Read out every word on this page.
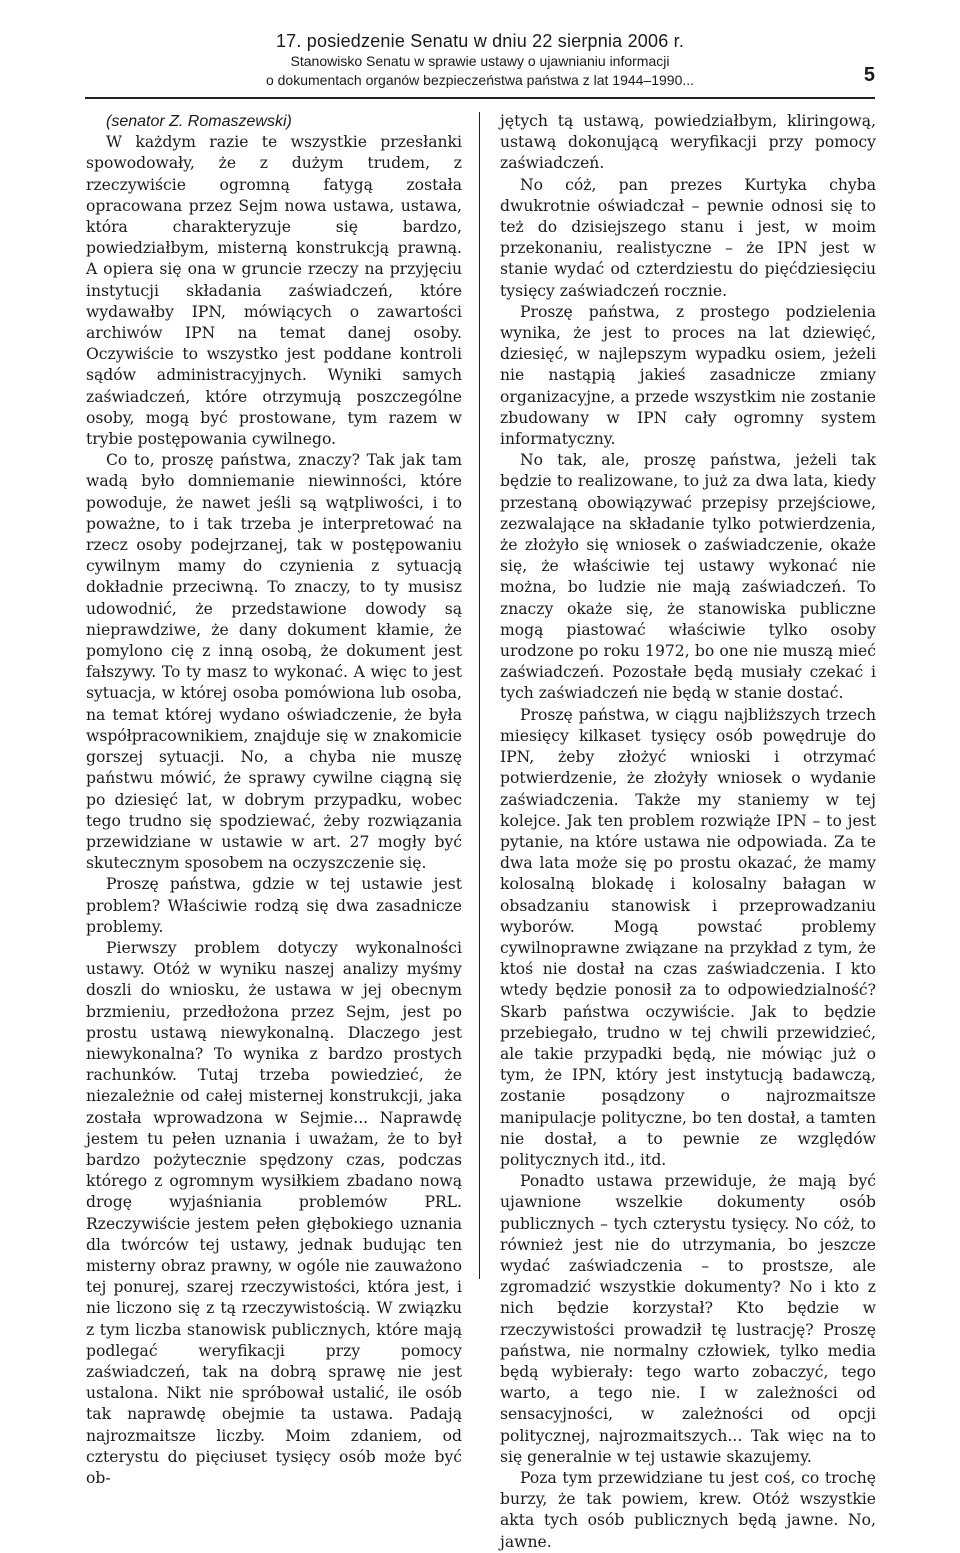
17. posiedzenie Senatu w dniu 22 sierpnia 2006 r.
Stanowisko Senatu w sprawie ustawy o ujawnianiu informacji
o dokumentach organów bezpieczeństwa państwa z lat 1944–1990...	5

(senator Z. Romaszewski)

W każdym razie te wszystkie przesłanki spowodowały, że z dużym trudem, z rzeczywiście ogromną fatygą została opracowana przez Sejm nowa ustawa, ustawa, która charakteryzuje się bardzo, powiedziałbym, misterną konstrukcją prawną. A opiera się ona w gruncie rzeczy na przyjęciu instytucji składania zaświadczeń, które wydawałby IPN, mówiących o zawartości archiwów IPN na temat danej osoby. Oczywiście to wszystko jest poddane kontroli sądów administracyjnych. Wyniki samych zaświadczeń, które otrzymują poszczególne osoby, mogą być prostowane, tym razem w trybie postępowania cywilnego.

Co to, proszę państwa, znaczy? Tak jak tam wadą było domniemanie niewinności, które powoduje, że nawet jeśli są wątpliwości, i to poważne, to i tak trzeba je interpretować na rzecz osoby podejrzanej, tak w postępowaniu cywilnym mamy do czynienia z sytuacją dokładnie przeciwną. To znaczy, to ty musisz udowodnić, że przedstawione dowody są nieprawdziwe, że dany dokument kłamie, że pomylono cię z inną osobą, że dokument jest fałszywy. To ty masz to wykonać. A więc to jest sytuacja, w której osoba pomówiona lub osoba, na temat której wydano oświadczenie, że była współpracownikiem, znajduje się w znakomicie gorszej sytuacji. No, a chyba nie muszę państwu mówić, że sprawy cywilne ciągną się po dziesięć lat, w dobrym przypadku, wobec tego trudno się spodziewać, żeby rozwiązania przewidziane w ustawie w art. 27 mogły być skutecznym sposobem na oczyszczenie się.

Proszę państwa, gdzie w tej ustawie jest problem? Właściwie rodzą się dwa zasadnicze problemy.

Pierwszy problem dotyczy wykonalności ustawy. Otóż w wyniku naszej analizy myśmy doszli do wniosku, że ustawa w jej obecnym brzmieniu, przedłożona przez Sejm, jest po prostu ustawą niewykonalną. Dlaczego jest niewykonalna? To wynika z bardzo prostych rachunków. Tutaj trzeba powiedzieć, że niezależnie od całej misternej konstrukcji, jaka została wprowadzona w Sejmie... Naprawdę jestem tu pełen uznania i uważam, że to był bardzo pożytecznie spędzony czas, podczas którego z ogromnym wysiłkiem zbadano nową drogę wyjaśniania problemów PRL. Rzeczywiście jestem pełen głębokiego uznania dla twórców tej ustawy, jednak budując ten misterny obraz prawny, w ogóle nie zauważono tej ponurej, szarej rzeczywistości, która jest, i nie liczono się z tą rzeczywistością. W związku z tym liczba stanowisk publicznych, które mają podlegać weryfikacji przy pomocy zaświadczeń, tak na dobrą sprawę nie jest ustalona. Nikt nie spróbował ustalić, ile osób tak naprawdę obejmie ta ustawa. Padają najrozmaitsze liczby. Moim zdaniem, od czterystu do pięciuset tysięcy osób może być ob-

jętych tą ustawą, powiedziałbym, kliringową, ustawą dokonującą weryfikacji przy pomocy zaświadczeń.

No cóż, pan prezes Kurtyka chyba dwukrotnie oświadczał – pewnie odnosi się to też do dzisiejszego stanu i jest, w moim przekonaniu, realistyczne – że IPN jest w stanie wydać od czterdziestu do pięćdziesięciu tysięcy zaświadczeń rocznie.

Proszę państwa, z prostego podzielenia wynika, że jest to proces na lat dziewięć, dziesięć, w najlepszym wypadku osiem, jeżeli nie nastąpią jakieś zasadnicze zmiany organizacyjne, a przede wszystkim nie zostanie zbudowany w IPN cały ogromny system informatyczny.

No tak, ale, proszę państwa, jeżeli tak będzie to realizowane, to już za dwa lata, kiedy przestaną obowiązywać przepisy przejściowe, zezwalające na składanie tylko potwierdzenia, że złożyło się wniosek o zaświadczenie, okaże się, że właściwie tej ustawy wykonać nie można, bo ludzie nie mają zaświadczeń. To znaczy okaże się, że stanowiska publiczne mogą piastować właściwie tylko osoby urodzone po roku 1972, bo one nie muszą mieć zaświadczeń. Pozostałe będą musiały czekać i tych zaświadczeń nie będą w stanie dostać.

Proszę państwa, w ciągu najbliższych trzech miesięcy kilkaset tysięcy osób powędruje do IPN, żeby złożyć wnioski i otrzymać potwierdzenie, że złożyły wniosek o wydanie zaświadczenia. Także my staniemy w tej kolejce. Jak ten problem rozwiąże IPN – to jest pytanie, na które ustawa nie odpowiada. Za te dwa lata może się po prostu okazać, że mamy kolosalną blokadę i kolosalny bałagan w obsadzaniu stanowisk i przeprowadzaniu wyborów. Mogą powstać problemy cywilnoprawne związane na przykład z tym, że ktoś nie dostał na czas zaświadczenia. I kto wtedy będzie ponosił za to odpowiedzialność? Skarb państwa oczywiście. Jak to będzie przebiegało, trudno w tej chwili przewidzieć, ale takie przypadki będą, nie mówiąc już o tym, że IPN, który jest instytucją badawczą, zostanie posądzony o najrozmaitsze manipulacje polityczne, bo ten dostał, a tamten nie dostał, a to pewnie ze względów politycznych itd., itd.

Ponadto ustawa przewiduje, że mają być ujawnione wszelkie dokumenty osób publicznych – tych czterystu tysięcy. No cóż, to również jest nie do utrzymania, bo jeszcze wydać zaświadczenia – to prostsze, ale zgromadzić wszystkie dokumenty? No i kto z nich będzie korzystał? Kto będzie w rzeczywistości prowadził tę lustrację? Proszę państwa, nie normalny człowiek, tylko media będą wybierały: tego warto zobaczyć, tego warto, a tego nie. I w zależności od sensacyjności, w zależności od opcji politycznej, najrozmaitszych... Tak więc na to się generalnie w tej ustawie skazujemy.

Poza tym przewidziane tu jest coś, co trochę burzy, że tak powiem, krew. Otóż wszystkie akta tych osób publicznych będą jawne. No, jawne.
